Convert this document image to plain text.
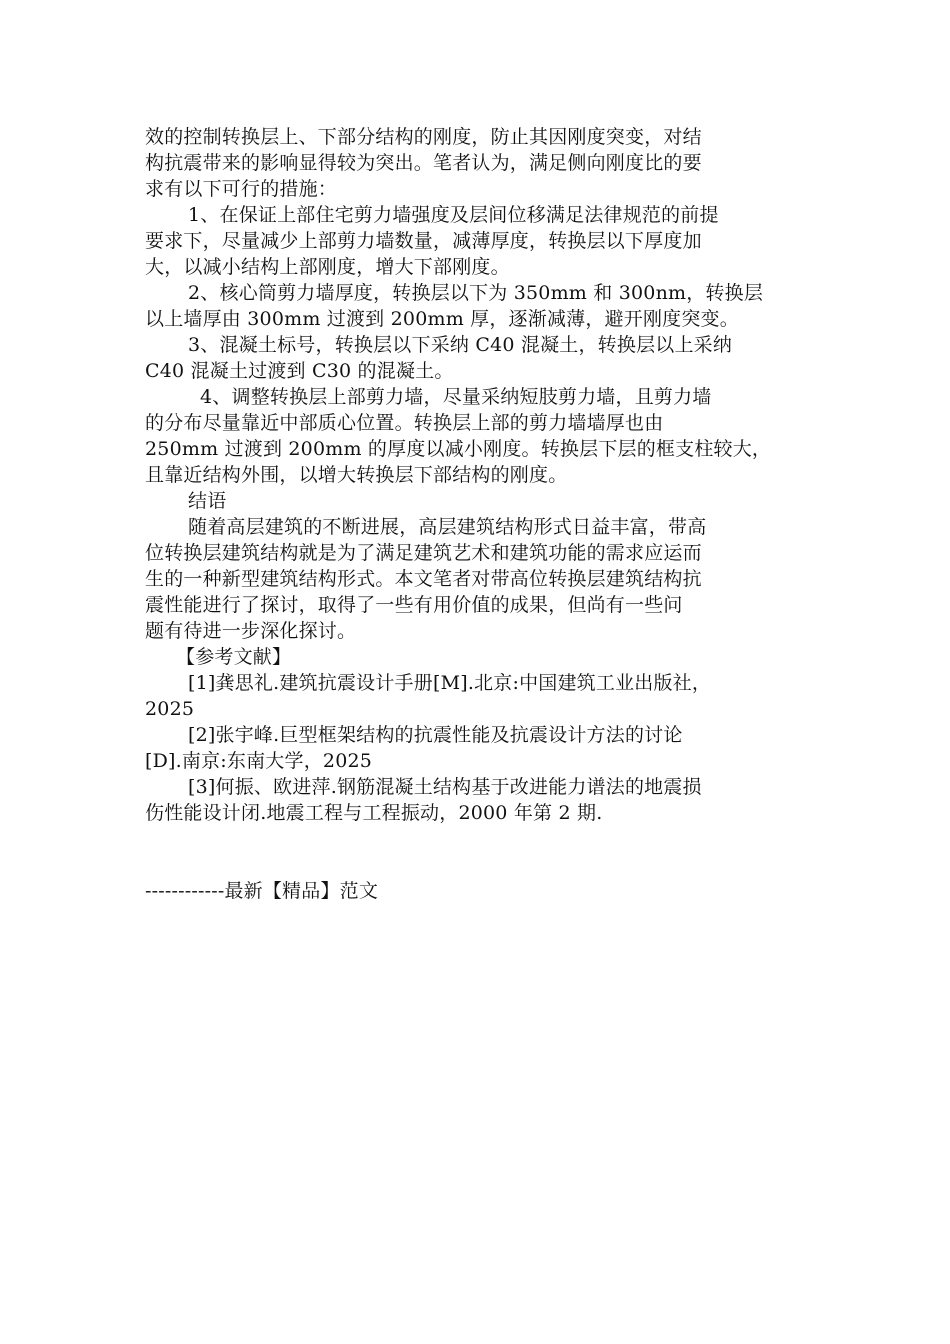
效的控制转换层上、下部分结构的刚度，防止其因刚度突变，对结
构抗震带来的影响显得较为突出。笔者认为，满足侧向刚度比的要
求有以下可行的措施：
1、在保证上部住宅剪力墙强度及层间位移满足法律规范的前提
要求下，尽量减少上部剪力墙数量，减薄厚度，转换层以下厚度加
大，以减小结构上部刚度，增大下部刚度。
2、核心筒剪力墙厚度，转换层以下为 350mm 和 300nm，转换层
以上墙厚由 300mm 过渡到 200mm 厚，逐渐减薄，避开刚度突变。
3、混凝土标号，转换层以下采纳 C40 混凝土，转换层以上采纳
C40 混凝土过渡到 C30 的混凝土。
4、调整转换层上部剪力墙，尽量采纳短肢剪力墙，且剪力墙
的分布尽量靠近中部质心位置。转换层上部的剪力墙墙厚也由
250mm 过渡到 200mm 的厚度以减小刚度。转换层下层的框支柱较大，
且靠近结构外围，以增大转换层下部结构的刚度。
结语
随着高层建筑的不断进展，高层建筑结构形式日益丰富，带高
位转换层建筑结构就是为了满足建筑艺术和建筑功能的需求应运而
生的一种新型建筑结构形式。本文笔者对带高位转换层建筑结构抗
震性能进行了探讨，取得了一些有用价值的成果，但尚有一些问
题有待进一步深化探讨。
【参考文献】
[1]龚思礼.建筑抗震设计手册[M].北京:中国建筑工业出版社，
2025
[2]张宇峰.巨型框架结构的抗震性能及抗震设计方法的讨论
[D].南京:东南大学，2025
[3]何振、欧进萍.钢筋混凝土结构基于改进能力谱法的地震损
伤性能设计闭.地震工程与工程振动，2000 年第 2 期.
------------最新【精品】范文
